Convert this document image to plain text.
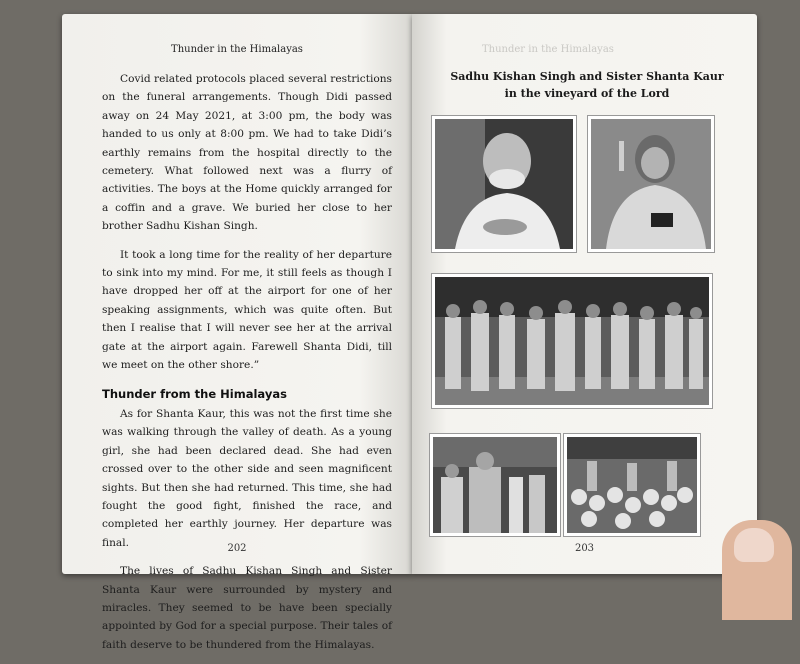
Thunder in the Himalayas

Covid related protocols placed several restrictions on the funeral arrangements. Though Didi passed away on 24 May 2021, at 3:00 pm, the body was handed to us only at 8:00 pm. We had to take Didi’s earthly remains from the hospital directly to the cemetery. What followed next was a flurry of activities. The boys at the Home quickly arranged for a coffin and a grave. We buried her close to her brother Sadhu Kishan Singh.

It took a long time for the reality of her departure to sink into my mind. For me, it still feels as though I have dropped her off at the airport for one of her speaking assignments, which was quite often. But then I realise that I will never see her at the arrival gate at the airport again. Farewell Shanta Didi, till we meet on the other shore.”

Thunder from the Himalayas

As for Shanta Kaur, this was not the first time she was walking through the valley of death. As a young girl, she had been declared dead. She had even crossed over to the other side and seen magnificent sights. But then she had returned. This time, she had fought the good fight, finished the race, and completed her earthly journey. Her departure was final.

The lives of Sadhu Kishan Singh and Sister Shanta Kaur were surrounded by mystery and miracles. They seemed to be have been specially appointed by God for a special purpose. Their tales of faith deserve to be thundered from the Himalayas.

202
Thunder in the Himalayas
Sadhu Kishan Singh and Sister Shanta Kaur
in the vineyard of the Lord
203
